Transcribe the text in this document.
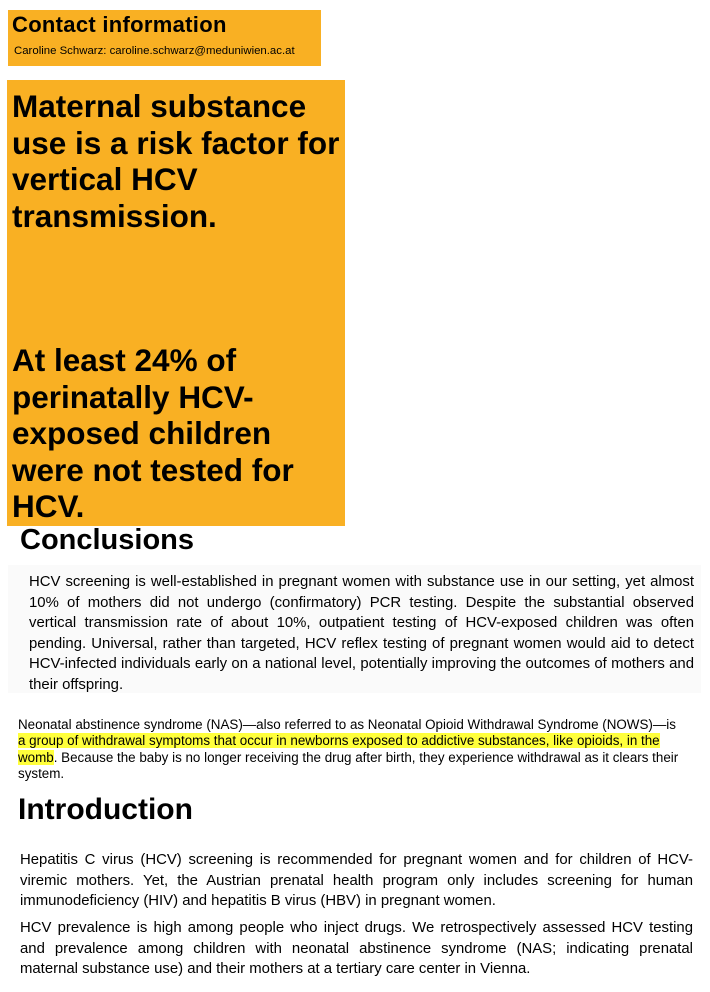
Contact information
Caroline Schwarz: caroline.schwarz@meduniwien.ac.at
Maternal substance use is a risk factor for vertical HCV transmission.
At least 24% of perinatally HCV-exposed children were not tested for HCV.
Conclusions

HCV screening is well-established in pregnant women with substance use in our setting, yet almost 10% of mothers did not undergo (confirmatory) PCR testing. Despite the substantial observed vertical transmission rate of about 10%, outpatient testing of HCV-exposed children was often pending. Universal, rather than targeted, HCV reflex testing of pregnant women would aid to detect HCV-infected individuals early on a national level, potentially improving the outcomes of mothers and their offspring.

Neonatal abstinence syndrome (NAS)—also referred to as Neonatal Opioid Withdrawal Syndrome (NOWS)—is a group of withdrawal symptoms that occur in newborns exposed to addictive substances, like opioids, in the womb. Because the baby is no longer receiving the drug after birth, they experience withdrawal as it clears their system.

Introduction

Hepatitis C virus (HCV) screening is recommended for pregnant women and for children of HCV-viremic mothers. Yet, the Austrian prenatal health program only includes screening for human immunodeficiency (HIV) and hepatitis B virus (HBV) in pregnant women.

HCV prevalence is high among people who inject drugs. We retrospectively assessed HCV testing and prevalence among children with neonatal abstinence syndrome (NAS; indicating prenatal maternal substance use) and their mothers at a tertiary care center in Vienna.
